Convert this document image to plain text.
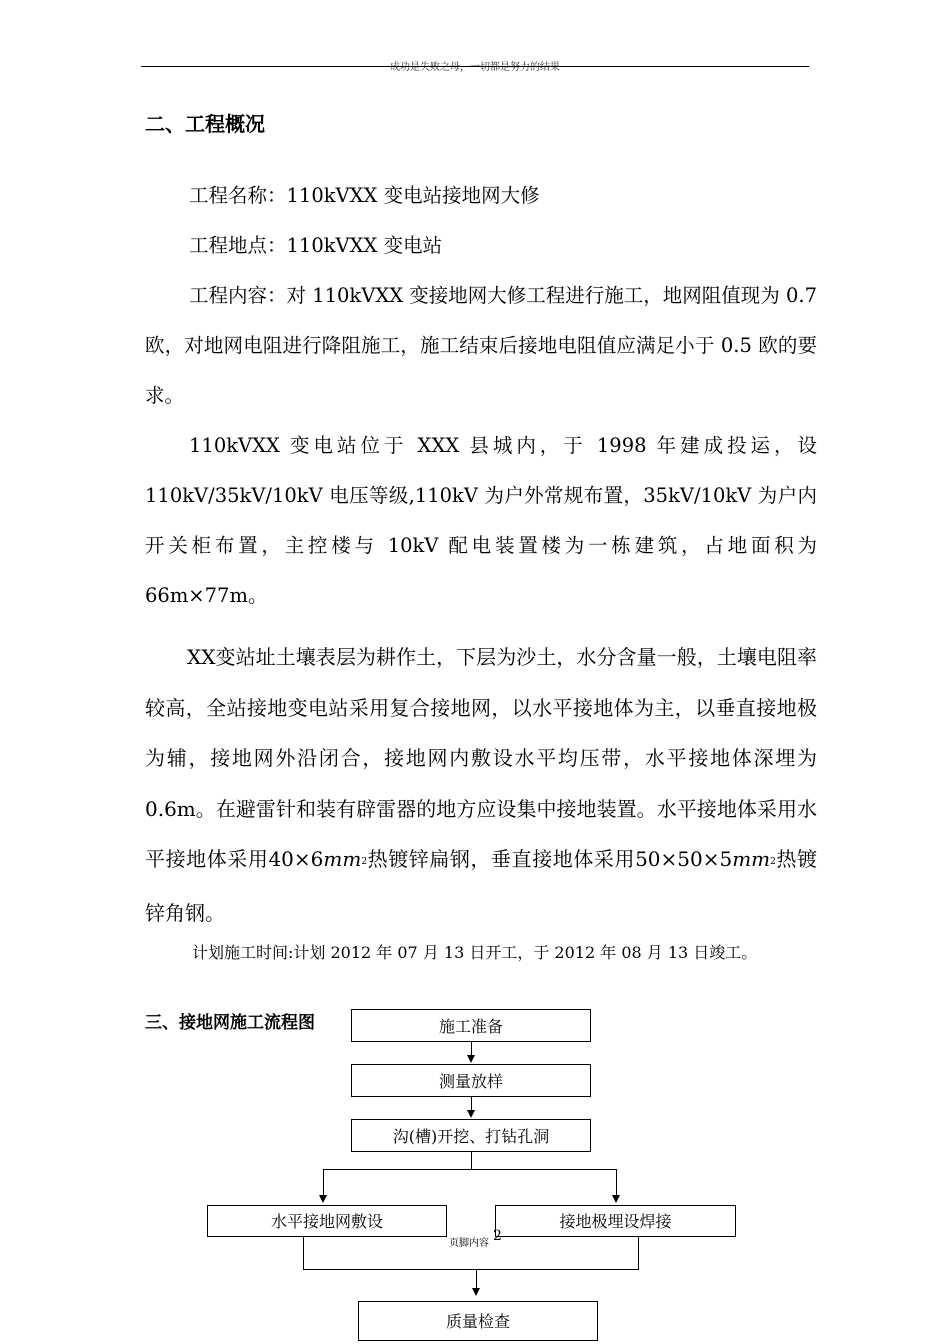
成功是失败之母，一切都是努力的结果
二、工程概况
工程名称：110kVXX 变电站接地网大修
工程地点：110kVXX 变电站
工程内容：对 110kVXX 变接地网大修工程进行施工，地网阻值现为 0.7 欧，对地网电阻进行降阻施工，施工结束后接地电阻值应满足小于 0.5 欧的要求。
110kVXX 变电站位于 XXX 县城内，于 1998 年建成投运，设 110kV/35kV/10kV 电压等级,110kV 为户外常规布置，35kV/10kV 为户内开关柜布置，主控楼与 10kV 配电装置楼为一栋建筑，占地面积为 66m×77m。
XX变站址土壤表层为耕作土，下层为沙土，水分含量一般，土壤电阻率较高，全站接地变电站采用复合接地网，以水平接地体为主，以垂直接地极为辅，接地网外沿闭合，接地网内敷设水平均压带，水平接地体深埋为0.6m。在避雷针和装有辟雷器的地方应设集中接地装置。水平接地体采用水平接地体采用$40\times 6mm^2$热镀锌扁钢，垂直接地体采用$50\times 50\times 5mm^2$热镀锌角钢。
计划施工时间:计划 2012 年 07 月 13 日开工，于 2012 年 08 月 13 日竣工。
三、接地网施工流程图	施工准备
测量放样
沟(槽)开挖、打钻孔洞
水平接地网敷设	接地极埋设焊接
质量检查
页脚内容 2
